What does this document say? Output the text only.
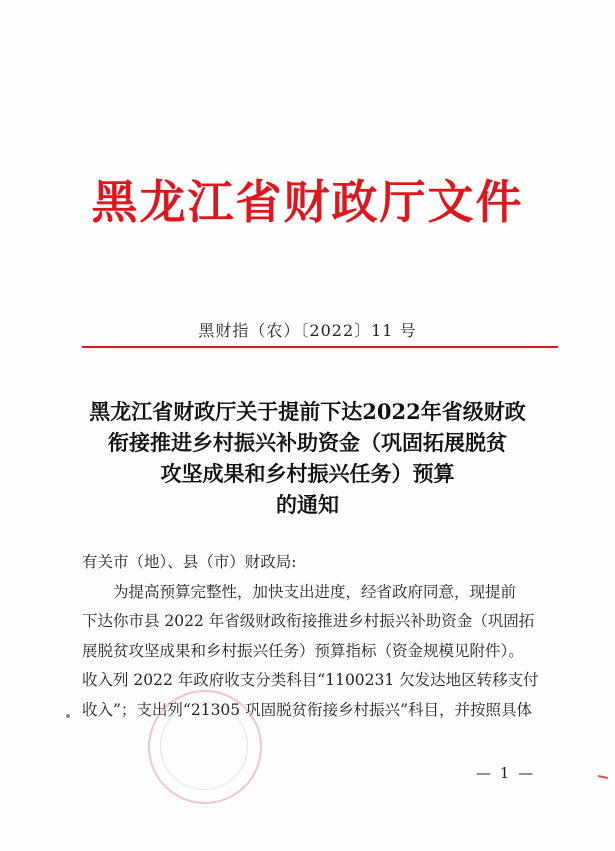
黑龙江省财政厅文件
黑财指（农）〔2022〕11 号
黑龙江省财政厅关于提前下达2022年省级财政
衔接推进乡村振兴补助资金（巩固拓展脱贫
攻坚成果和乡村振兴任务）预算
的通知

有关市（地）、县（市）财政局:

为提高预算完整性，加快支出进度，经省政府同意，现提前

下达你市县 2022 年省级财政衔接推进乡村振兴补助资金（巩固拓

展脱贫攻坚成果和乡村振兴任务）预算指标（资金规模见附件）。

收入列 2022 年政府收支分类科目“1100231 欠发达地区转移支付

收入”；支出列“21305 巩固脱贫衔接乡村振兴”科目，并按照具体

— 1 —
